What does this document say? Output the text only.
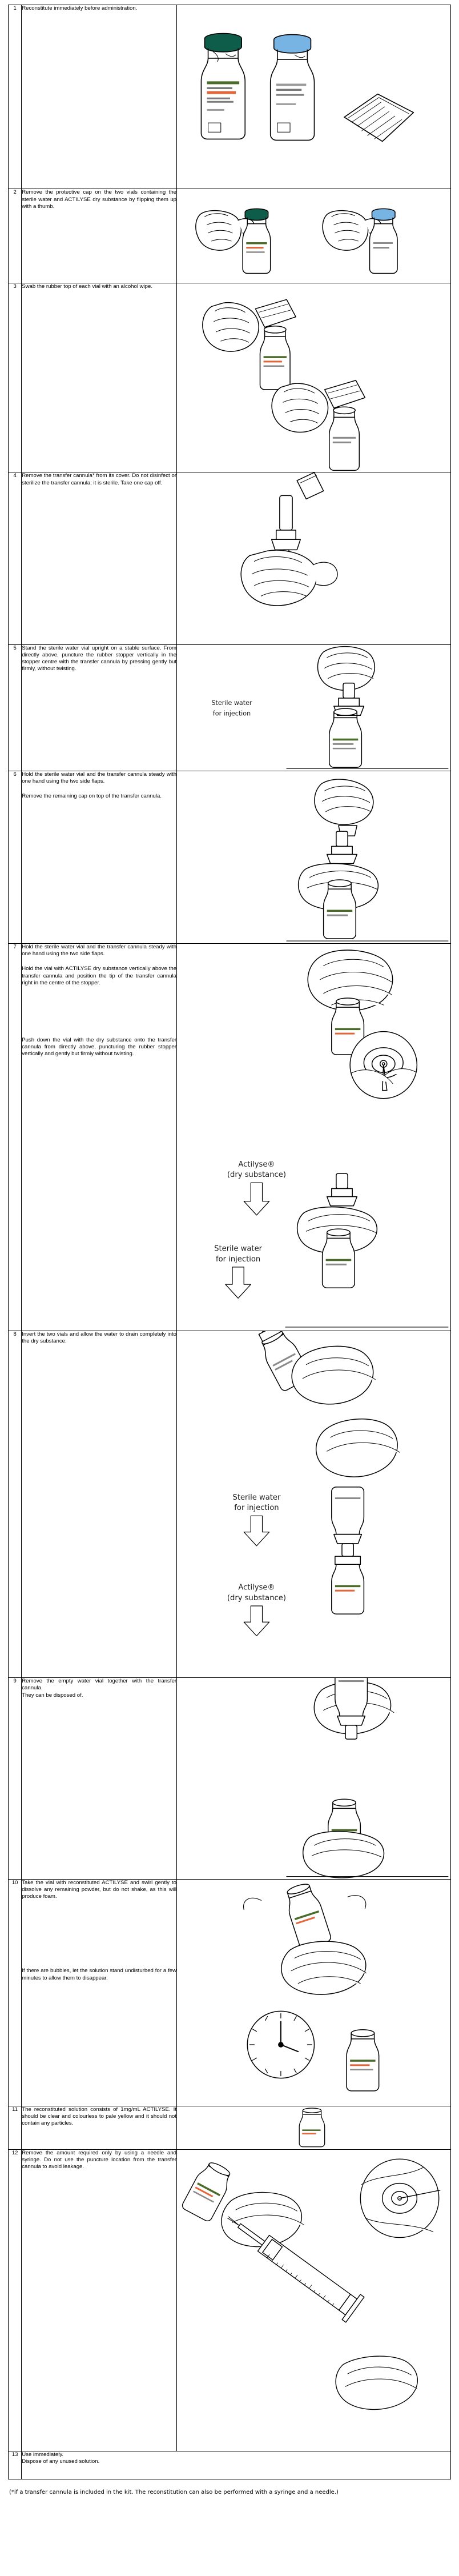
1	Reconstitute immediately before administration.

2	Remove the protective cap on the two vials containing the sterile water and ACTILYSE dry substance by flipping them up with a thumb.

3	Swab the rubber top of each vial with an alcohol wipe.

4	Remove the transfer cannula* from its cover. Do not disinfect or sterilize the transfer cannula; it is sterile. Take one cap off.

5	Stand the sterile water vial upright on a stable surface. From directly above, puncture the rubber stopper vertically in the stopper centre with the transfer cannula by pressing gently but firmly, without twisting.	Sterile water
for injection

6	Hold the sterile water vial and the transfer cannula steady with one hand using the two side flaps.

Remove the remaining cap on top of the transfer cannula.

7	Hold the sterile water vial and the transfer cannula steady with one hand using the two side flaps.

Hold the vial with ACTILYSE dry substance vertically above the transfer cannula and position the tip of the transfer cannula right in the centre of the stopper.

Push down the vial with the dry substance onto the transfer cannula from directly above, puncturing the rubber stopper vertically and gently but firmly without twisting.

Actilyse®
(dry substance)
Sterile water
for injection

8	Invert the two vials and allow the water to drain completely into the dry substance.	Sterile water
for injection
Actilyse®
(dry substance)

9	Remove the empty water vial together with the transfer cannula.

They can be disposed of.

10	Take the vial with reconstituted ACTILYSE and swirl gently to dissolve any remaining powder, but do not shake, as this will produce foam.

If there are bubbles, let the solution stand undisturbed for a few minutes to allow them to disappear.

11	The reconstituted solution consists of 1mg/mL ACTILYSE. It should be clear and colourless to pale yellow and it should not contain any particles.

12	Remove the amount required only by using a needle and syringe. Do not use the puncture location from the transfer cannula to avoid leakage.

13	Use immediately.

Dispose of any unused solution.	

(*if a transfer cannula is included in the kit. The reconstitution can also be performed with a syringe and a needle.)
